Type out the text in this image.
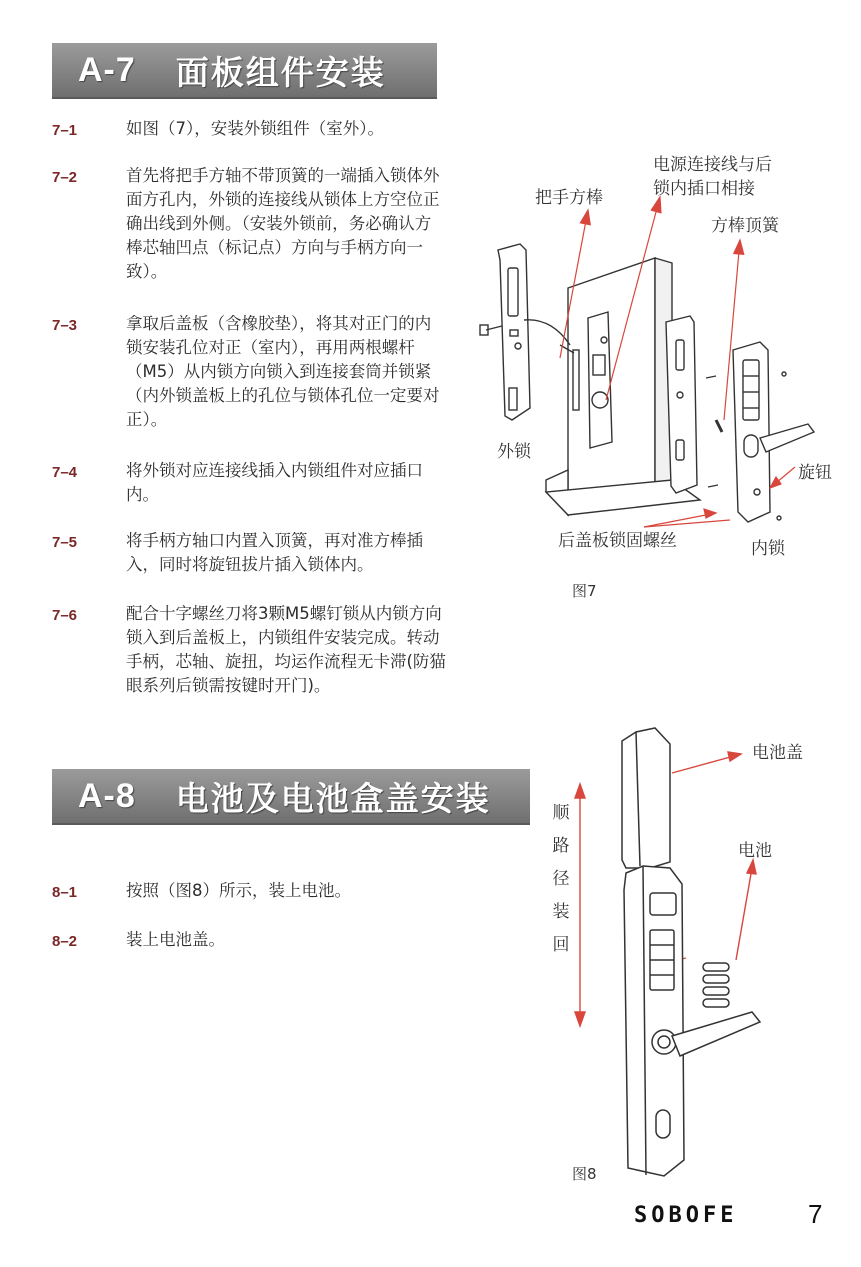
A-7 面板组件安装
7–1	如图（7），安装外锁组件（室外）。
7–2	首先将把手方轴不带顶簧的一端插入锁体外面方孔内，外锁的连接线从锁体上方空位正确出线到外侧。（安装外锁前，务必确认方棒芯轴凹点（标记点）方向与手柄方向一致）。
7–3	拿取后盖板（含橡胶垫），将其对正门的内锁安装孔位对正（室内），再用两根螺杆（M5）从内锁方向锁入到连接套筒并锁紧（内外锁盖板上的孔位与锁体孔位一定要对正）。
7–4	将外锁对应连接线插入内锁组件对应插口内。
7–5	将手柄方轴口内置入顶簧，再对准方棒插入，同时将旋钮拔片插入锁体内。
7–6	配合十字螺丝刀将3颗M5螺钉锁从内锁方向锁入到后盖板上，内锁组件安装完成。转动手柄，芯轴、旋扭，均运作流程无卡滞(防猫眼系列后锁需按键时开门)。
电源连接线与后
锁内插口相接
把手方棒
方棒顶簧
外锁
旋钮
后盖板锁固螺丝	内锁
图7
A-8 电池及电池盒盖安装
8–1	按照（图8）所示，装上电池。
8–2	装上电池盖。
电池盖
电池
顺
路
径
装
回
图8
SOBOFE	7
